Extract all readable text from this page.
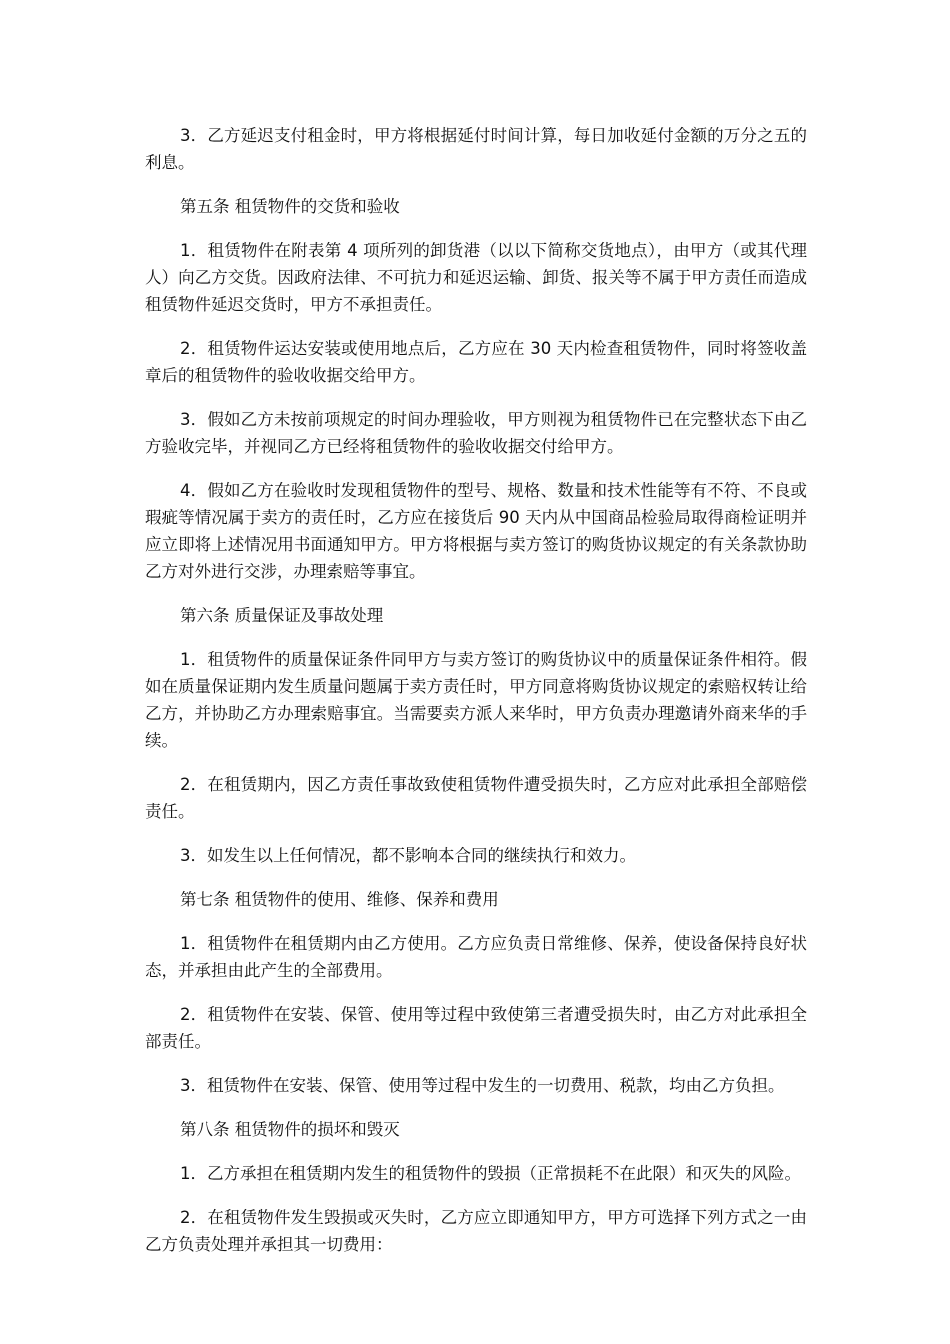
3．乙方延迟支付租金时，甲方将根据延付时间计算，每日加收延付金额的万分之五的利息。

第五条 租赁物件的交货和验收

1．租赁物件在附表第 4 项所列的卸货港（以以下简称交货地点），由甲方（或其代理人）向乙方交货。因政府法律、不可抗力和延迟运输、卸货、报关等不属于甲方责任而造成租赁物件延迟交货时，甲方不承担责任。

2．租赁物件运达安装或使用地点后，乙方应在 30 天内检查租赁物件，同时将签收盖章后的租赁物件的验收收据交给甲方。

3．假如乙方未按前项规定的时间办理验收，甲方则视为租赁物件已在完整状态下由乙方验收完毕，并视同乙方已经将租赁物件的验收收据交付给甲方。

4．假如乙方在验收时发现租赁物件的型号、规格、数量和技术性能等有不符、不良或瑕疵等情况属于卖方的责任时，乙方应在接货后 90 天内从中国商品检验局取得商检证明并应立即将上述情况用书面通知甲方。甲方将根据与卖方签订的购货协议规定的有关条款协助乙方对外进行交涉，办理索赔等事宜。

第六条 质量保证及事故处理

1．租赁物件的质量保证条件同甲方与卖方签订的购货协议中的质量保证条件相符。假如在质量保证期内发生质量问题属于卖方责任时，甲方同意将购货协议规定的索赔权转让给乙方，并协助乙方办理索赔事宜。当需要卖方派人来华时，甲方负责办理邀请外商来华的手续。

2．在租赁期内，因乙方责任事故致使租赁物件遭受损失时，乙方应对此承担全部赔偿责任。

3．如发生以上任何情况，都不影响本合同的继续执行和效力。

第七条 租赁物件的使用、维修、保养和费用

1．租赁物件在租赁期内由乙方使用。乙方应负责日常维修、保养，使设备保持良好状态，并承担由此产生的全部费用。

2．租赁物件在安装、保管、使用等过程中致使第三者遭受损失时，由乙方对此承担全部责任。

3．租赁物件在安装、保管、使用等过程中发生的一切费用、税款，均由乙方负担。

第八条 租赁物件的损坏和毁灭

1．乙方承担在租赁期内发生的租赁物件的毁损（正常损耗不在此限）和灭失的风险。

2．在租赁物件发生毁损或灭失时，乙方应立即通知甲方，甲方可选择下列方式之一由乙方负责处理并承担其一切费用：
